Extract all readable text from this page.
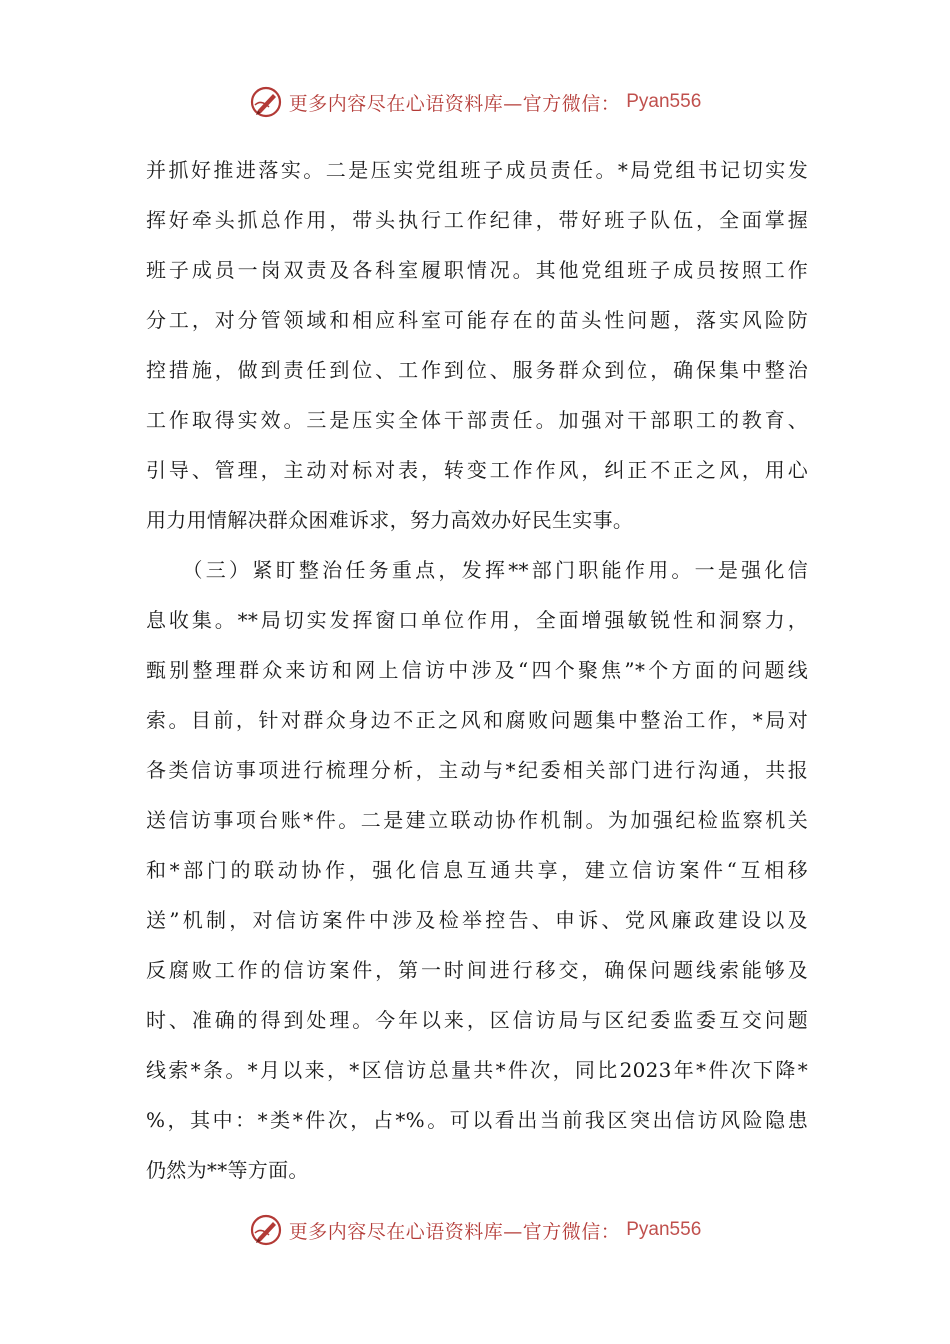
更多内容尽在心语资料库—官方微信： Pyan556
并抓好推进落实。二是压实党组班子成员责任。*局党组书记切实发
挥好牵头抓总作用，带头执行工作纪律，带好班子队伍，全面掌握
班子成员一岗双责及各科室履职情况。其他党组班子成员按照工作
分工，对分管领域和相应科室可能存在的苗头性问题，落实风险防
控措施，做到责任到位、工作到位、服务群众到位，确保集中整治
工作取得实效。三是压实全体干部责任。加强对干部职工的教育、
引导、管理，主动对标对表，转变工作作风，纠正不正之风，用心
用力用情解决群众困难诉求，努力高效办好民生实事。
　　（三）紧盯整治任务重点，发挥**部门职能作用。一是强化信
息收集。**局切实发挥窗口单位作用，全面增强敏锐性和洞察力，
甄别整理群众来访和网上信访中涉及“四个聚焦”*个方面的问题线
索。目前，针对群众身边不正之风和腐败问题集中整治工作，*局对
各类信访事项进行梳理分析，主动与*纪委相关部门进行沟通，共报
送信访事项台账*件。二是建立联动协作机制。为加强纪检监察机关
和*部门的联动协作，强化信息互通共享，建立信访案件“互相移
送”机制，对信访案件中涉及检举控告、申诉、党风廉政建设以及
反腐败工作的信访案件，第一时间进行移交，确保问题线索能够及
时、准确的得到处理。今年以来，区信访局与区纪委监委互交问题
线索*条。*月以来，*区信访总量共*件次，同比2023年*件次下降*
%，其中：*类*件次，占*%。可以看出当前我区突出信访风险隐患
仍然为**等方面。
更多内容尽在心语资料库—官方微信： Pyan556
